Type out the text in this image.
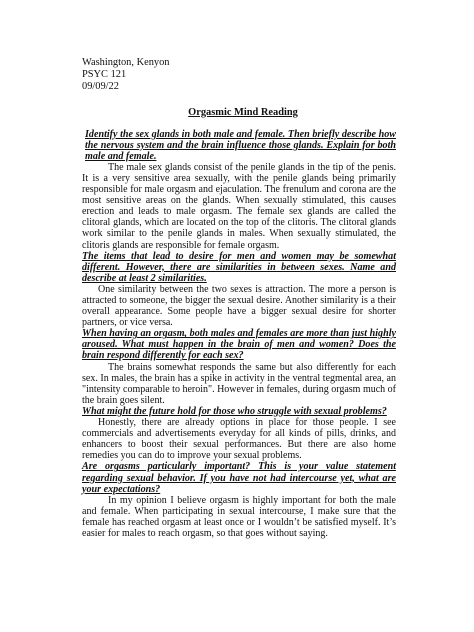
Washington, Kenyon
PSYC 121
09/09/22
Orgasmic Mind Reading

Identify the sex glands in both male and female. Then briefly describe how the nervous system and the brain influence those glands. Explain for both male and female.

The male sex glands consist of the penile glands in the tip of the penis. It is a very sensitive area sexually, with the penile glands being primarily responsible for male orgasm and ejaculation. The frenulum and corona are the most sensitive areas on the glands. When sexually stimulated, this causes erection and leads to male orgasm. The female sex glands are called the clitoral glands, which are located on the top of the clitoris. The clitoral glands work similar to the penile glands in males. When sexually stimulated, the clitoris glands are responsible for female orgasm.

The items that lead to desire for men and women may be somewhat different. However, there are similarities in between sexes. Name and describe at least 2 similarities.

One similarity between the two sexes is attraction. The more a person is attracted to someone, the bigger the sexual desire. Another similarity is a their overall appearance. Some people have a bigger sexual desire for shorter partners, or vice versa.

When having an orgasm, both males and females are more than just highly aroused. What must happen in the brain of men and women? Does the brain respond differently for each sex?

The brains somewhat responds the same but also differently for each sex. In males, the brain has a spike in activity in the ventral tegmental area, an "intensity comparable to heroin". However in females, during orgasm much of the brain goes silent.

What might the future hold for those who struggle with sexual problems?

Honestly, there are already options in place for those people. I see commercials and advertisements everyday for all kinds of pills, drinks, and enhancers to boost their sexual performances. But there are also home remedies you can do to improve your sexual problems.

Are orgasms particularly important? This is your value statement regarding sexual behavior. If you have not had intercourse yet, what are your expectations?

In my opinion I believe orgasm is highly important for both the male and female. When participating in sexual intercourse, I make sure that the female has reached orgasm at least once or I wouldn’t be satisfied myself. It’s easier for males to reach orgasm, so that goes without saying.
